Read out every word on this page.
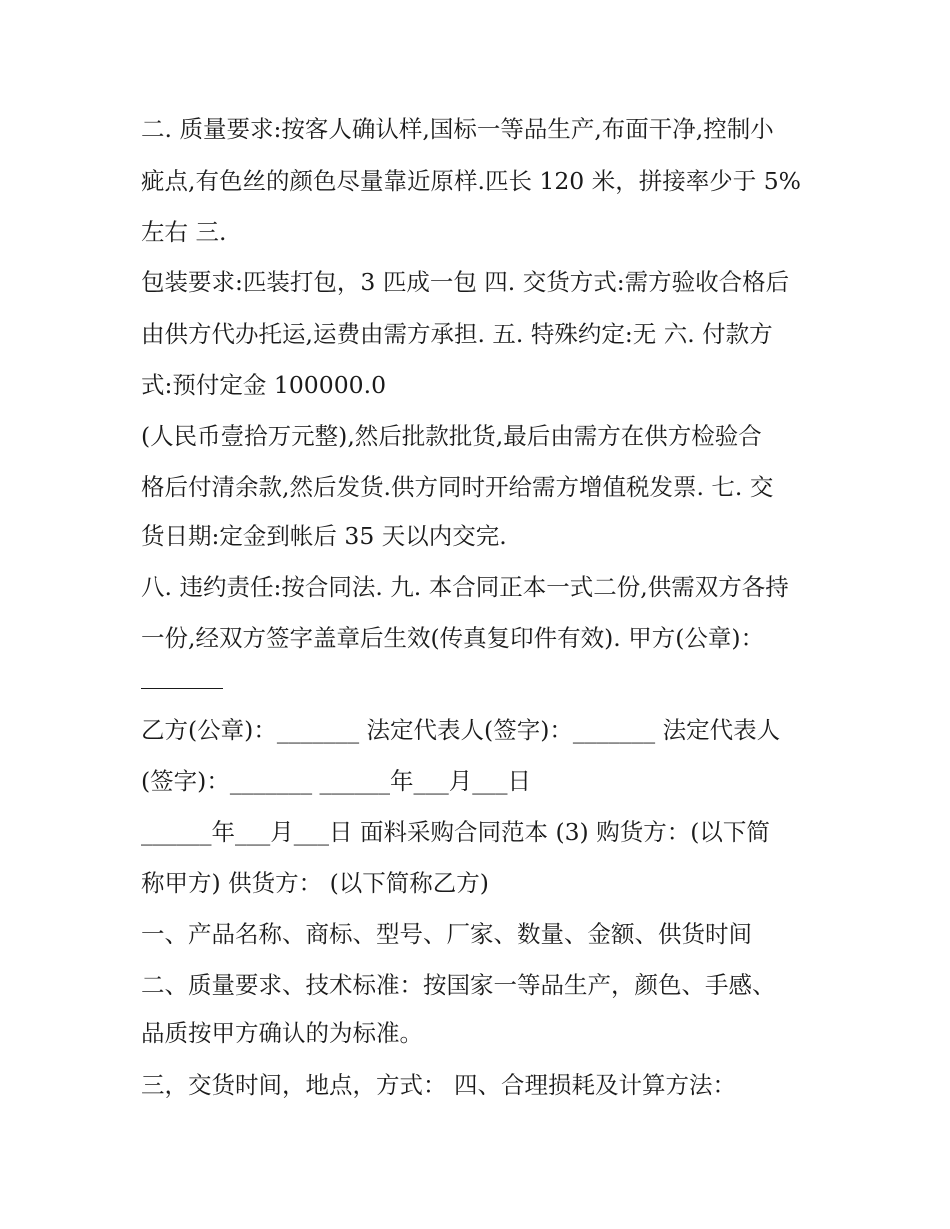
二. 质量要求:按客人确认样,国标一等品生产,布面干净,控制小

疵点,有色丝的颜色尽量靠近原样.匹长 120 米，拼接率少于 5%

左右 三.

包装要求:匹装打包，3 匹成一包 四. 交货方式:需方验收合格后

由供方代办托运,运费由需方承担. 五. 特殊约定:无 六. 付款方

式:预付定金 100000.0

(人民币壹拾万元整),然后批款批货,最后由需方在供方检验合

格后付清余款,然后发货.供方同时开给需方增值税发票. 七. 交

货日期:定金到帐后 35 天以内交完.

八. 违约责任:按合同法. 九. 本合同正本一式二份,供需双方各持

一份,经双方签字盖章后生效(传真复印件有效). 甲方(公章)：

乙方(公章)：_______ 法定代表人(签字)：_______ 法定代表人

(签字)：_______ ______年___月___日

______年___月___日 面料采购合同范本 (3) 购货方：(以下简

称甲方) 供货方： (以下简称乙方)

一、产品名称、商标、型号、厂家、数量、金额、供货时间

二、质量要求、技术标准：按国家一等品生产，颜色、手感、

品质按甲方确认的为标准。

三，交货时间，地点，方式： 四、合理损耗及计算方法：
